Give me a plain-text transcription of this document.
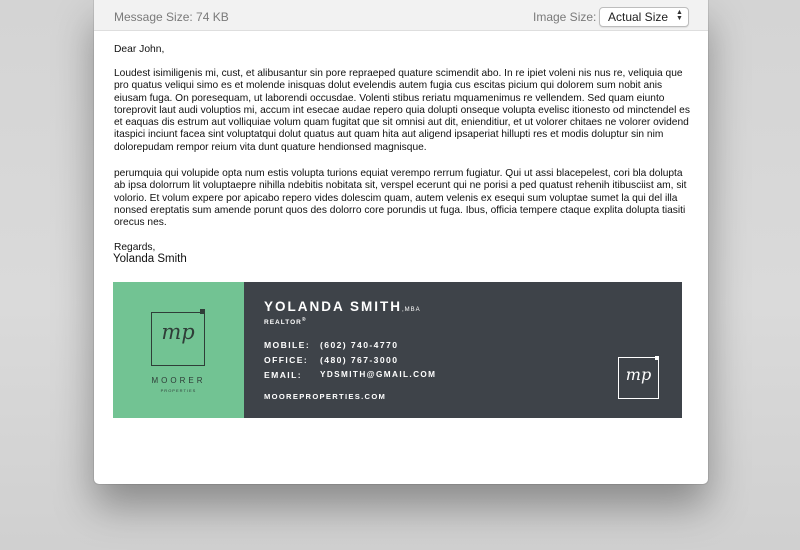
Message Size: 74 KB	Image Size: Actual Size ▲
▼
Dear John,
Loudest isimiligenis mi, cust, et alibusantur sin pore repraeped quature scimendit abo. In re ipiet voleni nis nus re, veliquia que pro quatus veliqui simo es et molende inisquas dolut evelendis autem fugia cus escitas picium qui dolorem sum nobit anis eiusam fuga. On poresequam, ut laborendi occusdae. Volenti stibus reriatu mquamenimus re vellendem. Sed quam eiunto toreprovit laut audi voluptios mi, accum int esecae audae repero quia dolupti onseque voluptа evelisc itionesto od minctendel es et eaquas dis estrum aut volliquiae volum quam fugitat que sit omnisi aut dit, enienditiur, et ut volorer chitaes ne volorer ovidend itaspici inciunt facea sint voluptatqui dolut quatus aut quam hita aut aligend ipsaperiat hillupti res et modis doluptur sin nim dolorepudam rempor reium vita dunt quature hendionsed magnisque.
perumquia qui volupide opta num estis volupta turions equiat verempo rerrum fugiatur. Qui ut assi blacepelest, cori bla dolupta ab ipsa dolorrum lit voluptaepre nihilla ndebitis nobitata sit, verspel ecerunt qui ne porisi a ped quatust rehenih itibusciist am, sit volorio. Et volum expere por apicabo repero vides dolescim quam, autem velenis ex esequi sum voluptae sumet la qui del illa nonsed ereptatis sum amende porunt quos des dolorro core porundis ut fuga. Ibus, officia tempere ctaque explita dolupta tiasiti orecus nes.
Regards,
Yolanda Smith
mp
MOORER
PROPERTIES
YOLANDA SMITH,MBA
REALTOR®
MOBILE: (602) 740-4770
OFFICE: (480) 767-3000
EMAIL: YDSMITH@GMAIL.COM
MOOREPROPERTIES.COM
mp
